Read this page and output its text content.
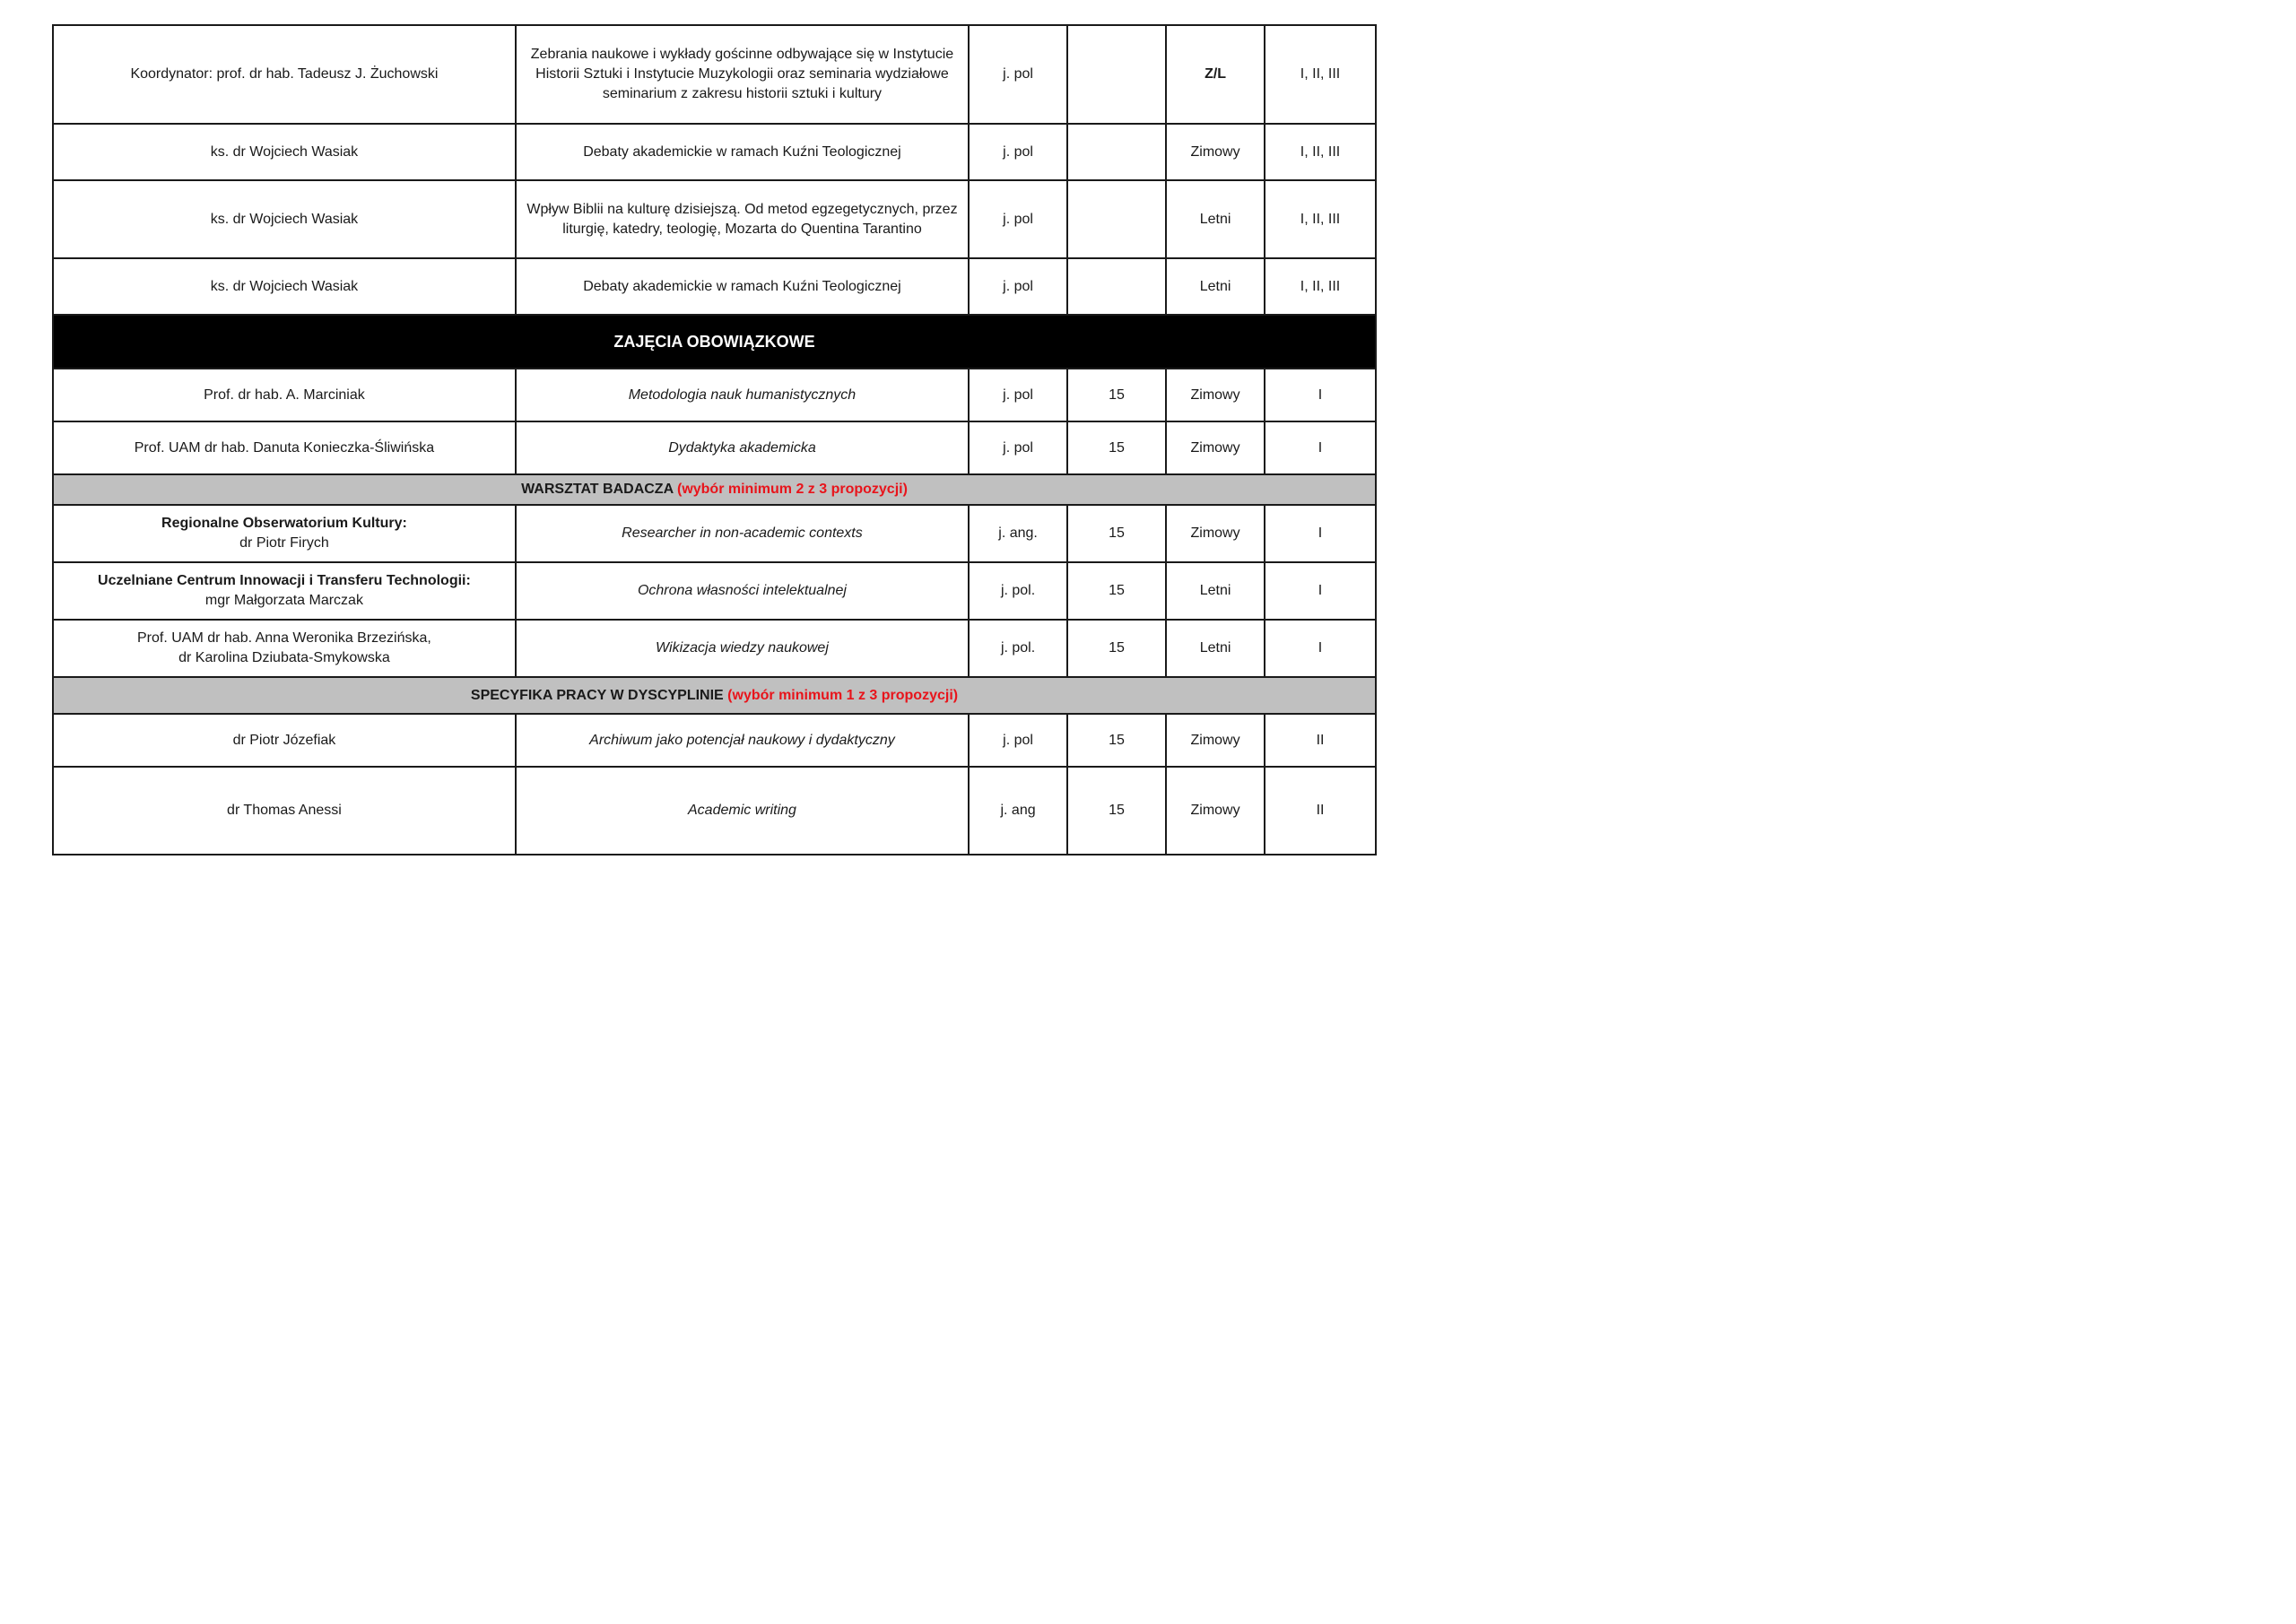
Koordynator: prof. dr hab. Tadeusz J. Żuchowski	Zebrania naukowe i wykłady gościnne odbywające się w Instytucie Historii Sztuki i Instytucie Muzykologii oraz seminaria wydziałowe seminarium z zakresu historii sztuki i kultury	j. pol		Z/L	I, II, III
ks. dr Wojciech Wasiak	Debaty akademickie w ramach Kuźni Teologicznej	j. pol		Zimowy	I, II, III
ks. dr Wojciech Wasiak	Wpływ Biblii na kulturę dzisiejszą. Od metod egzegetycznych, przez liturgię, katedry, teologię, Mozarta do Quentina Tarantino	j. pol		Letni	I, II, III
ks. dr Wojciech Wasiak	Debaty akademickie w ramach Kuźni Teologicznej	j. pol		Letni	I, II, III
ZAJĘCIA OBOWIĄZKOWE					
Prof. dr hab. A. Marciniak	Metodologia nauk humanistycznych	j. pol	15	Zimowy	I
Prof. UAM dr hab. Danuta Konieczka-Śliwińska	Dydaktyka akademicka	j. pol	15	Zimowy	I
WARSZTAT BADACZA (wybór minimum 2 z 3 propozycji)					

Regionalne Obserwatorium Kultury:
dr Piotr Firych	Researcher in non-academic contexts	j. ang.	15	Zimowy	I

Uczelniane Centrum Innowacji i Transferu Technologii:
mgr Małgorzata Marczak	Ochrona własności intelektualnej	j. pol.	15	Letni	I

Prof. UAM dr hab. Anna Weronika Brzezińska,
dr Karolina Dziubata-Smykowska	Wikizacja wiedzy naukowej	j. pol.	15	Letni	I
SPECYFIKA PRACY W DYSCYPLINIE (wybór minimum 1 z 3 propozycji)					
dr Piotr Józefiak	Archiwum jako potencjał naukowy i dydaktyczny	j. pol	15	Zimowy	II
dr Thomas Anessi	Academic writing	j. ang	15	Zimowy	II
